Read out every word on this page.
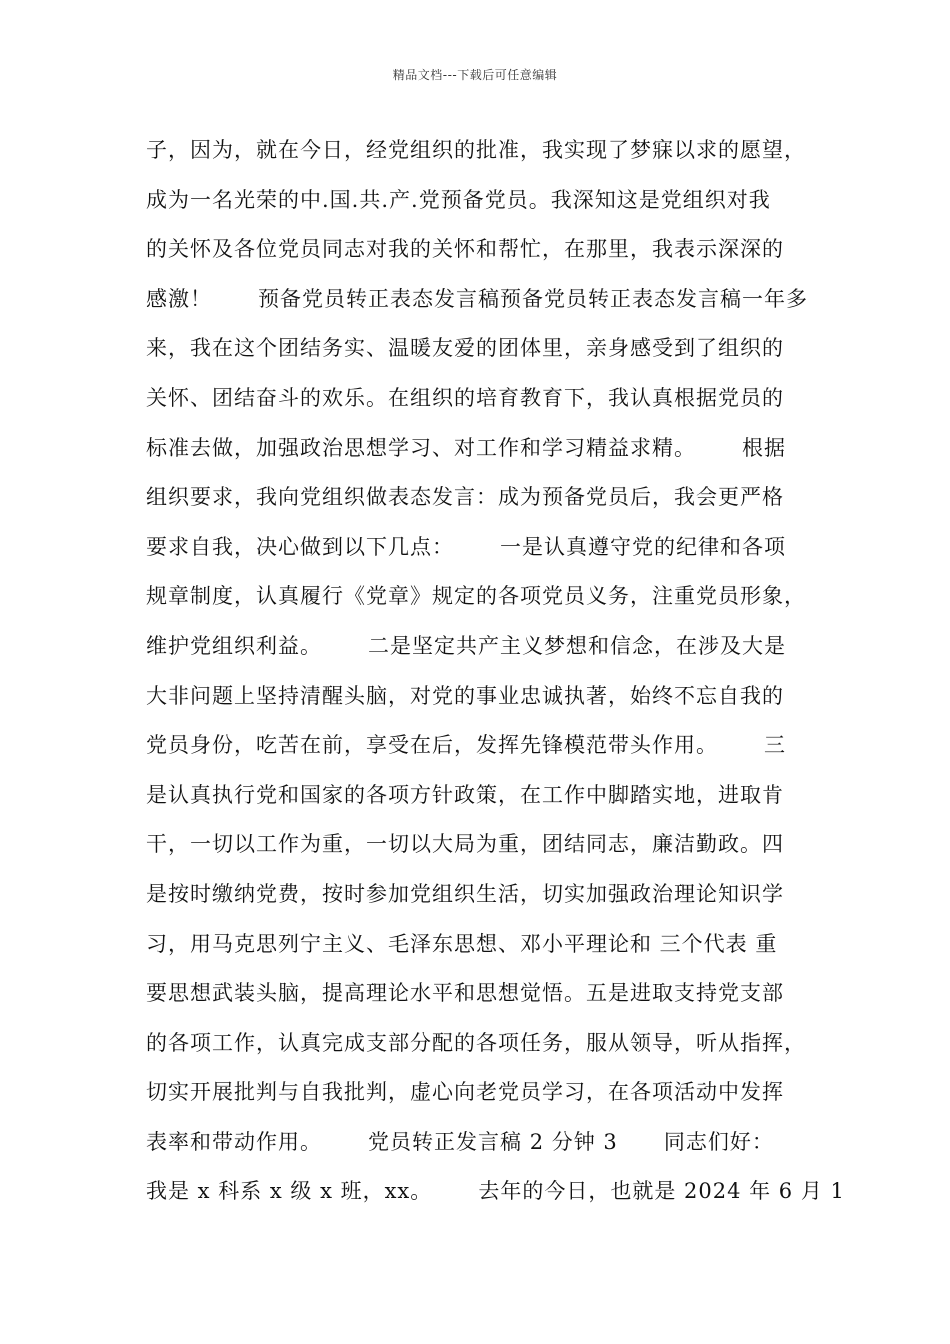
精品文档---下载后可任意编辑
子，因为，就在今日，经党组织的批准，我实现了梦寐以求的愿望，
成为一名光荣的中.国.共.产.党预备党员。我深知这是党组织对我
的关怀及各位党员同志对我的关怀和帮忙，在那里，我表示深深的
感激！      预备党员转正表态发言稿预备党员转正表态发言稿一年多
来，我在这个团结务实、温暖友爱的团体里，亲身感受到了组织的
关怀、团结奋斗的欢乐。在组织的培育教育下，我认真根据党员的
标准去做，加强政治思想学习、对工作和学习精益求精。      根据
组织要求，我向党组织做表态发言：成为预备党员后，我会更严格
要求自我，决心做到以下几点：      一是认真遵守党的纪律和各项
规章制度，认真履行《党章》规定的各项党员义务，注重党员形象，
维护党组织利益。      二是坚定共产主义梦想和信念，在涉及大是
大非问题上坚持清醒头脑，对党的事业忠诚执著，始终不忘自我的
党员身份，吃苦在前，享受在后，发挥先锋模范带头作用。      三
是认真执行党和国家的各项方针政策，在工作中脚踏实地，进取肯
干，一切以工作为重，一切以大局为重，团结同志，廉洁勤政。四
是按时缴纳党费，按时参加党组织生活，切实加强政治理论知识学
习，用马克思列宁主义、毛泽东思想、邓小平理论和 三个代表 重
要思想武装头脑，提高理论水平和思想觉悟。五是进取支持党支部
的各项工作，认真完成支部分配的各项任务，服从领导，听从指挥，
切实开展批判与自我批判，虚心向老党员学习，在各项活动中发挥
表率和带动作用。      党员转正发言稿 2 分钟 3      同志们好：
我是 x 科系 x 级 x 班，xx。      去年的今日，也就是 2024 年 6 月 1
